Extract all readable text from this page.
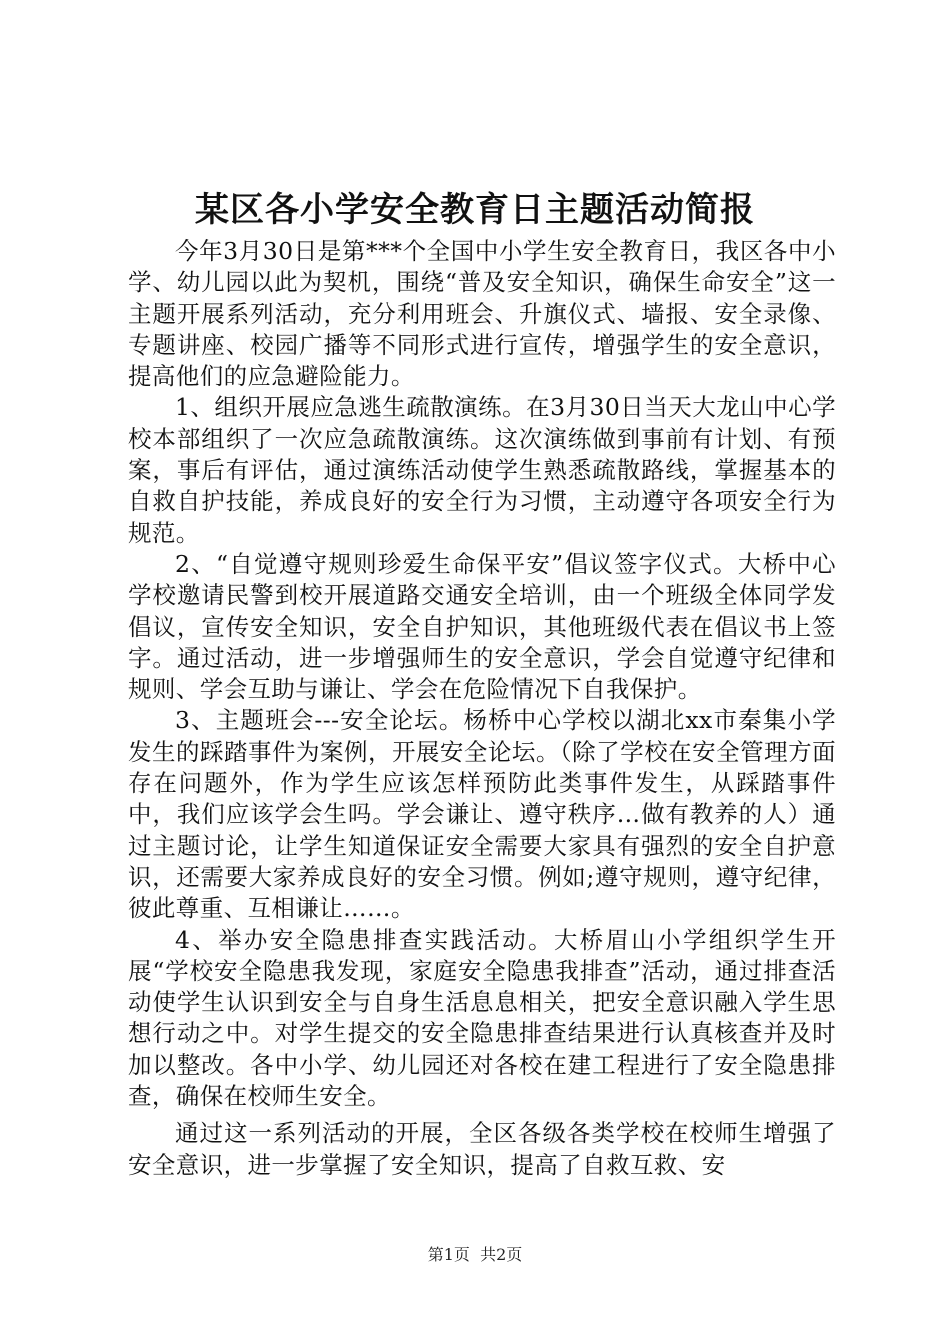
某区各小学安全教育日主题活动简报

今年3月30日是第***个全国中小学生安全教育日，我区各中小学、幼儿园以此为契机，围绕“普及安全知识，确保生命安全”这一主题开展系列活动，充分利用班会、升旗仪式、墙报、安全录像、专题讲座、校园广播等不同形式进行宣传，增强学生的安全意识，提高他们的应急避险能力。

1、组织开展应急逃生疏散演练。在3月30日当天大龙山中心学校本部组织了一次应急疏散演练。这次演练做到事前有计划、有预案，事后有评估，通过演练活动使学生熟悉疏散路线，掌握基本的自救自护技能，养成良好的安全行为习惯，主动遵守各项安全行为规范。

2、“自觉遵守规则珍爱生命保平安”倡议签字仪式。大桥中心学校邀请民警到校开展道路交通安全培训，由一个班级全体同学发倡议，宣传安全知识，安全自护知识，其他班级代表在倡议书上签字。通过活动，进一步增强师生的安全意识，学会自觉遵守纪律和规则、学会互助与谦让、学会在危险情况下自我保护。

3、主题班会---安全论坛。杨桥中心学校以湖北xx市秦集小学发生的踩踏事件为案例，开展安全论坛。（除了学校在安全管理方面存在问题外，作为学生应该怎样预防此类事件发生，从踩踏事件中，我们应该学会生吗。学会谦让、遵守秩序…做有教养的人）通过主题讨论，让学生知道保证安全需要大家具有强烈的安全自护意识，还需要大家养成良好的安全习惯。例如;遵守规则，遵守纪律，彼此尊重、互相谦让……。

4、举办安全隐患排查实践活动。大桥眉山小学组织学生开展“学校安全隐患我发现，家庭安全隐患我排查”活动，通过排查活动使学生认识到安全与自身生活息息相关，把安全意识融入学生思想行动之中。对学生提交的安全隐患排查结果进行认真核查并及时加以整改。各中小学、幼儿园还对各校在建工程进行了安全隐患排查，确保在校师生安全。

通过这一系列活动的开展，全区各级各类学校在校师生增强了安全意识，进一步掌握了安全知识，提高了自救互救、安

第1页 共2页
